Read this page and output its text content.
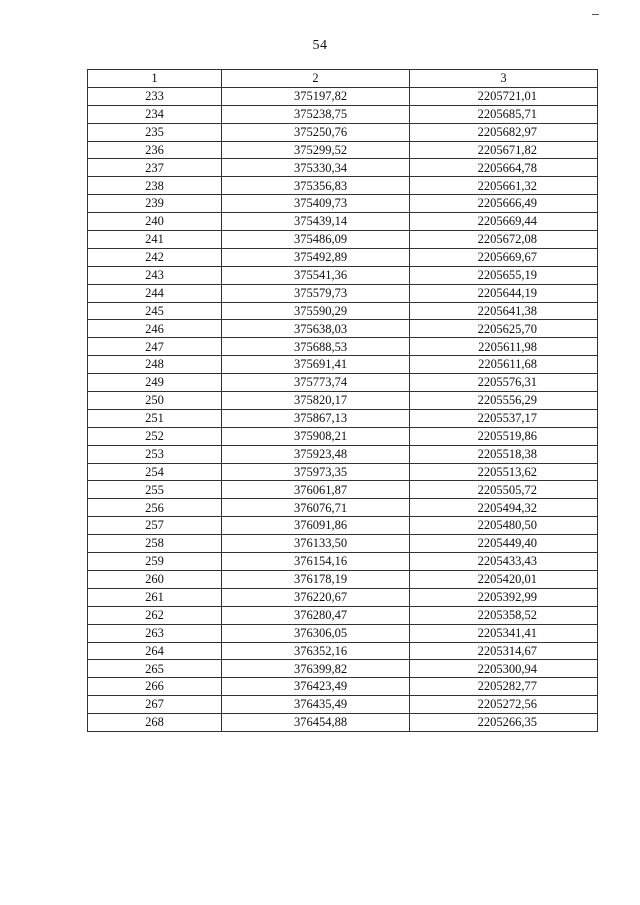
54
1	2	3
233	375197,82	2205721,01
234	375238,75	2205685,71
235	375250,76	2205682,97
236	375299,52	2205671,82
237	375330,34	2205664,78
238	375356,83	2205661,32
239	375409,73	2205666,49
240	375439,14	2205669,44
241	375486,09	2205672,08
242	375492,89	2205669,67
243	375541,36	2205655,19
244	375579,73	2205644,19
245	375590,29	2205641,38
246	375638,03	2205625,70
247	375688,53	2205611,98
248	375691,41	2205611,68
249	375773,74	2205576,31
250	375820,17	2205556,29
251	375867,13	2205537,17
252	375908,21	2205519,86
253	375923,48	2205518,38
254	375973,35	2205513,62
255	376061,87	2205505,72
256	376076,71	2205494,32
257	376091,86	2205480,50
258	376133,50	2205449,40
259	376154,16	2205433,43
260	376178,19	2205420,01
261	376220,67	2205392,99
262	376280,47	2205358,52
263	376306,05	2205341,41
264	376352,16	2205314,67
265	376399,82	2205300,94
266	376423,49	2205282,77
267	376435,49	2205272,56
268	376454,88	2205266,35
